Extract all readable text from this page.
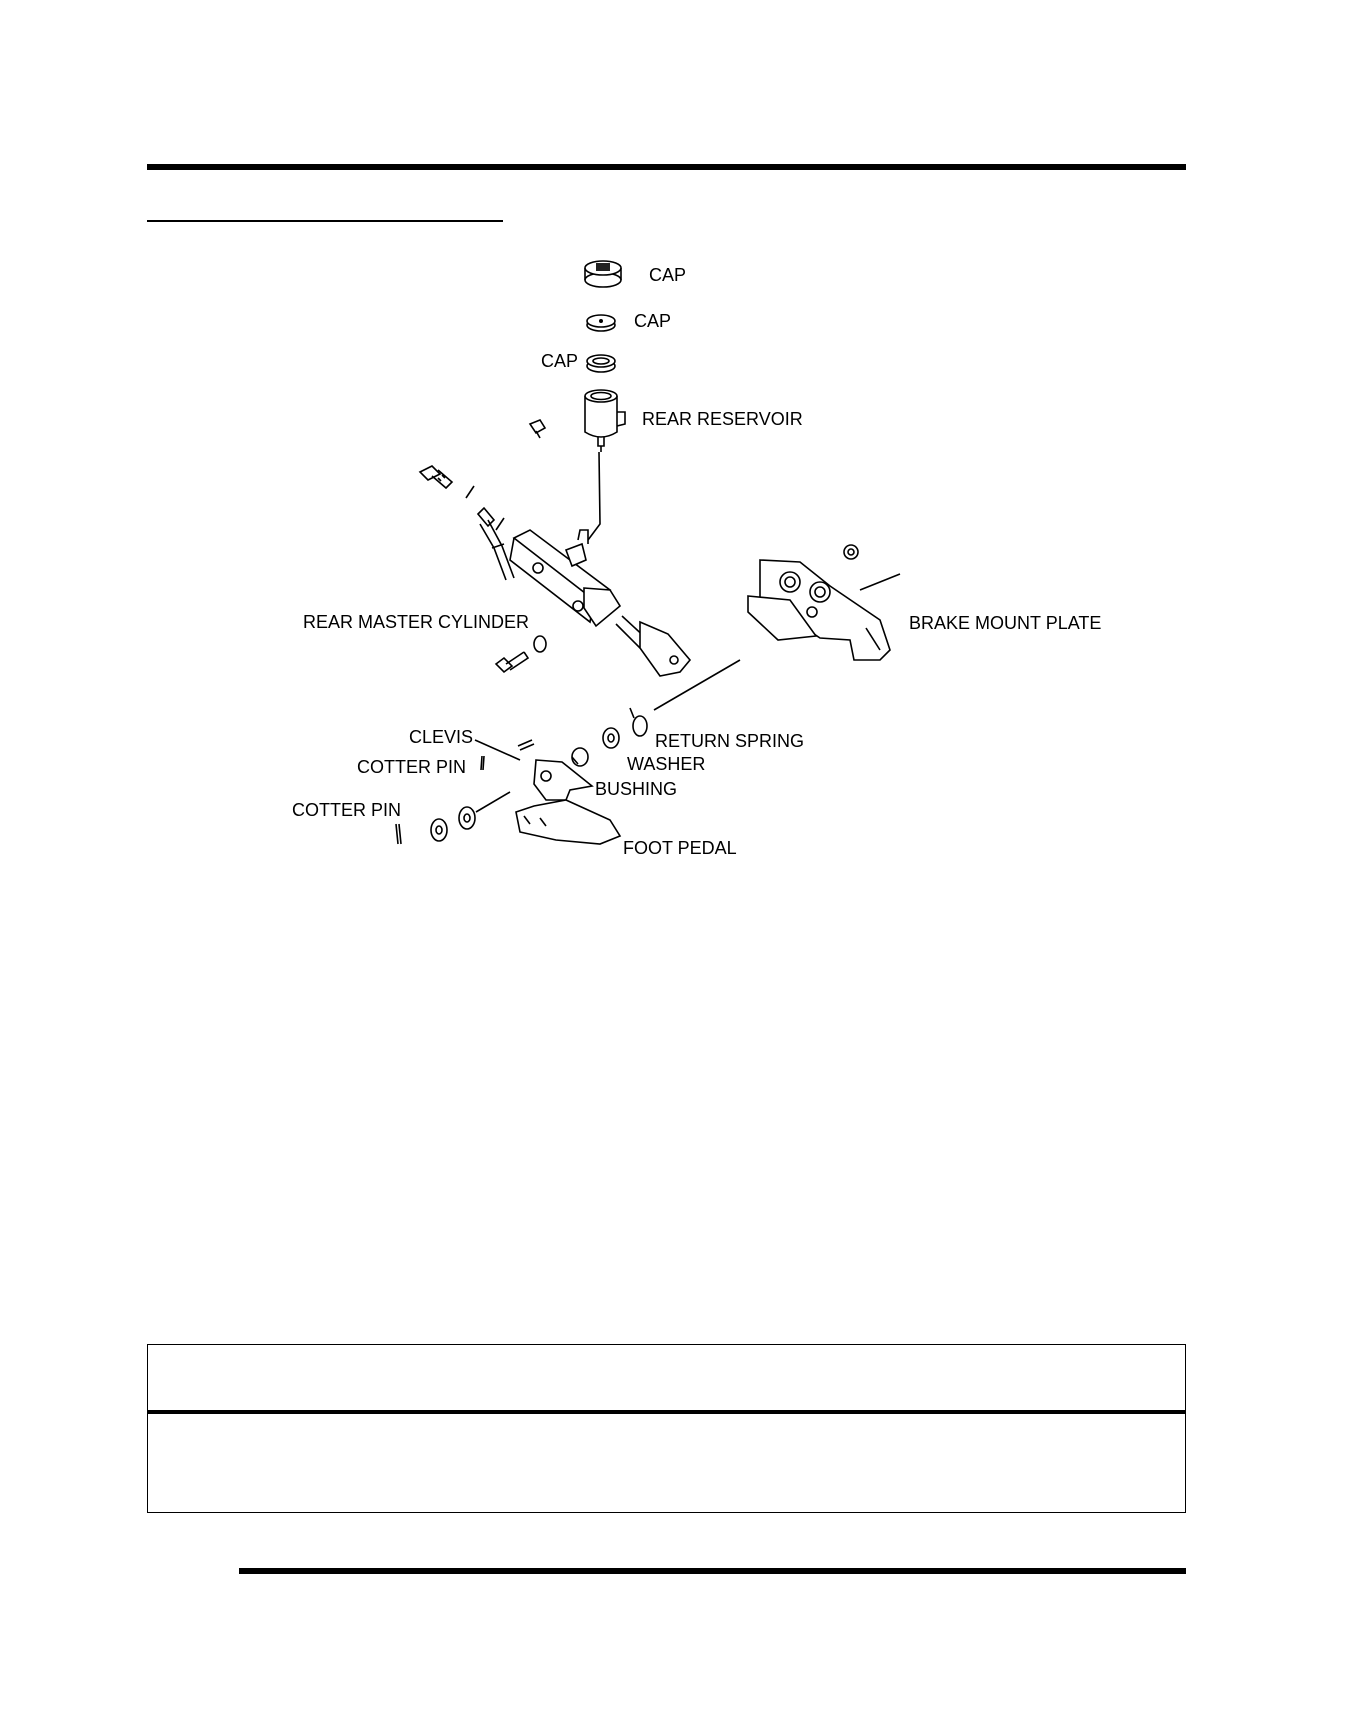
CAP
CAP
CAP
REAR RESERVOIR
REAR MASTER CYLINDER	BRAKE MOUNT PLATE
CLEVIS
COTTER PIN
COTTER PIN
RETURN SPRING
WASHER
BUSHING
FOOT PEDAL
